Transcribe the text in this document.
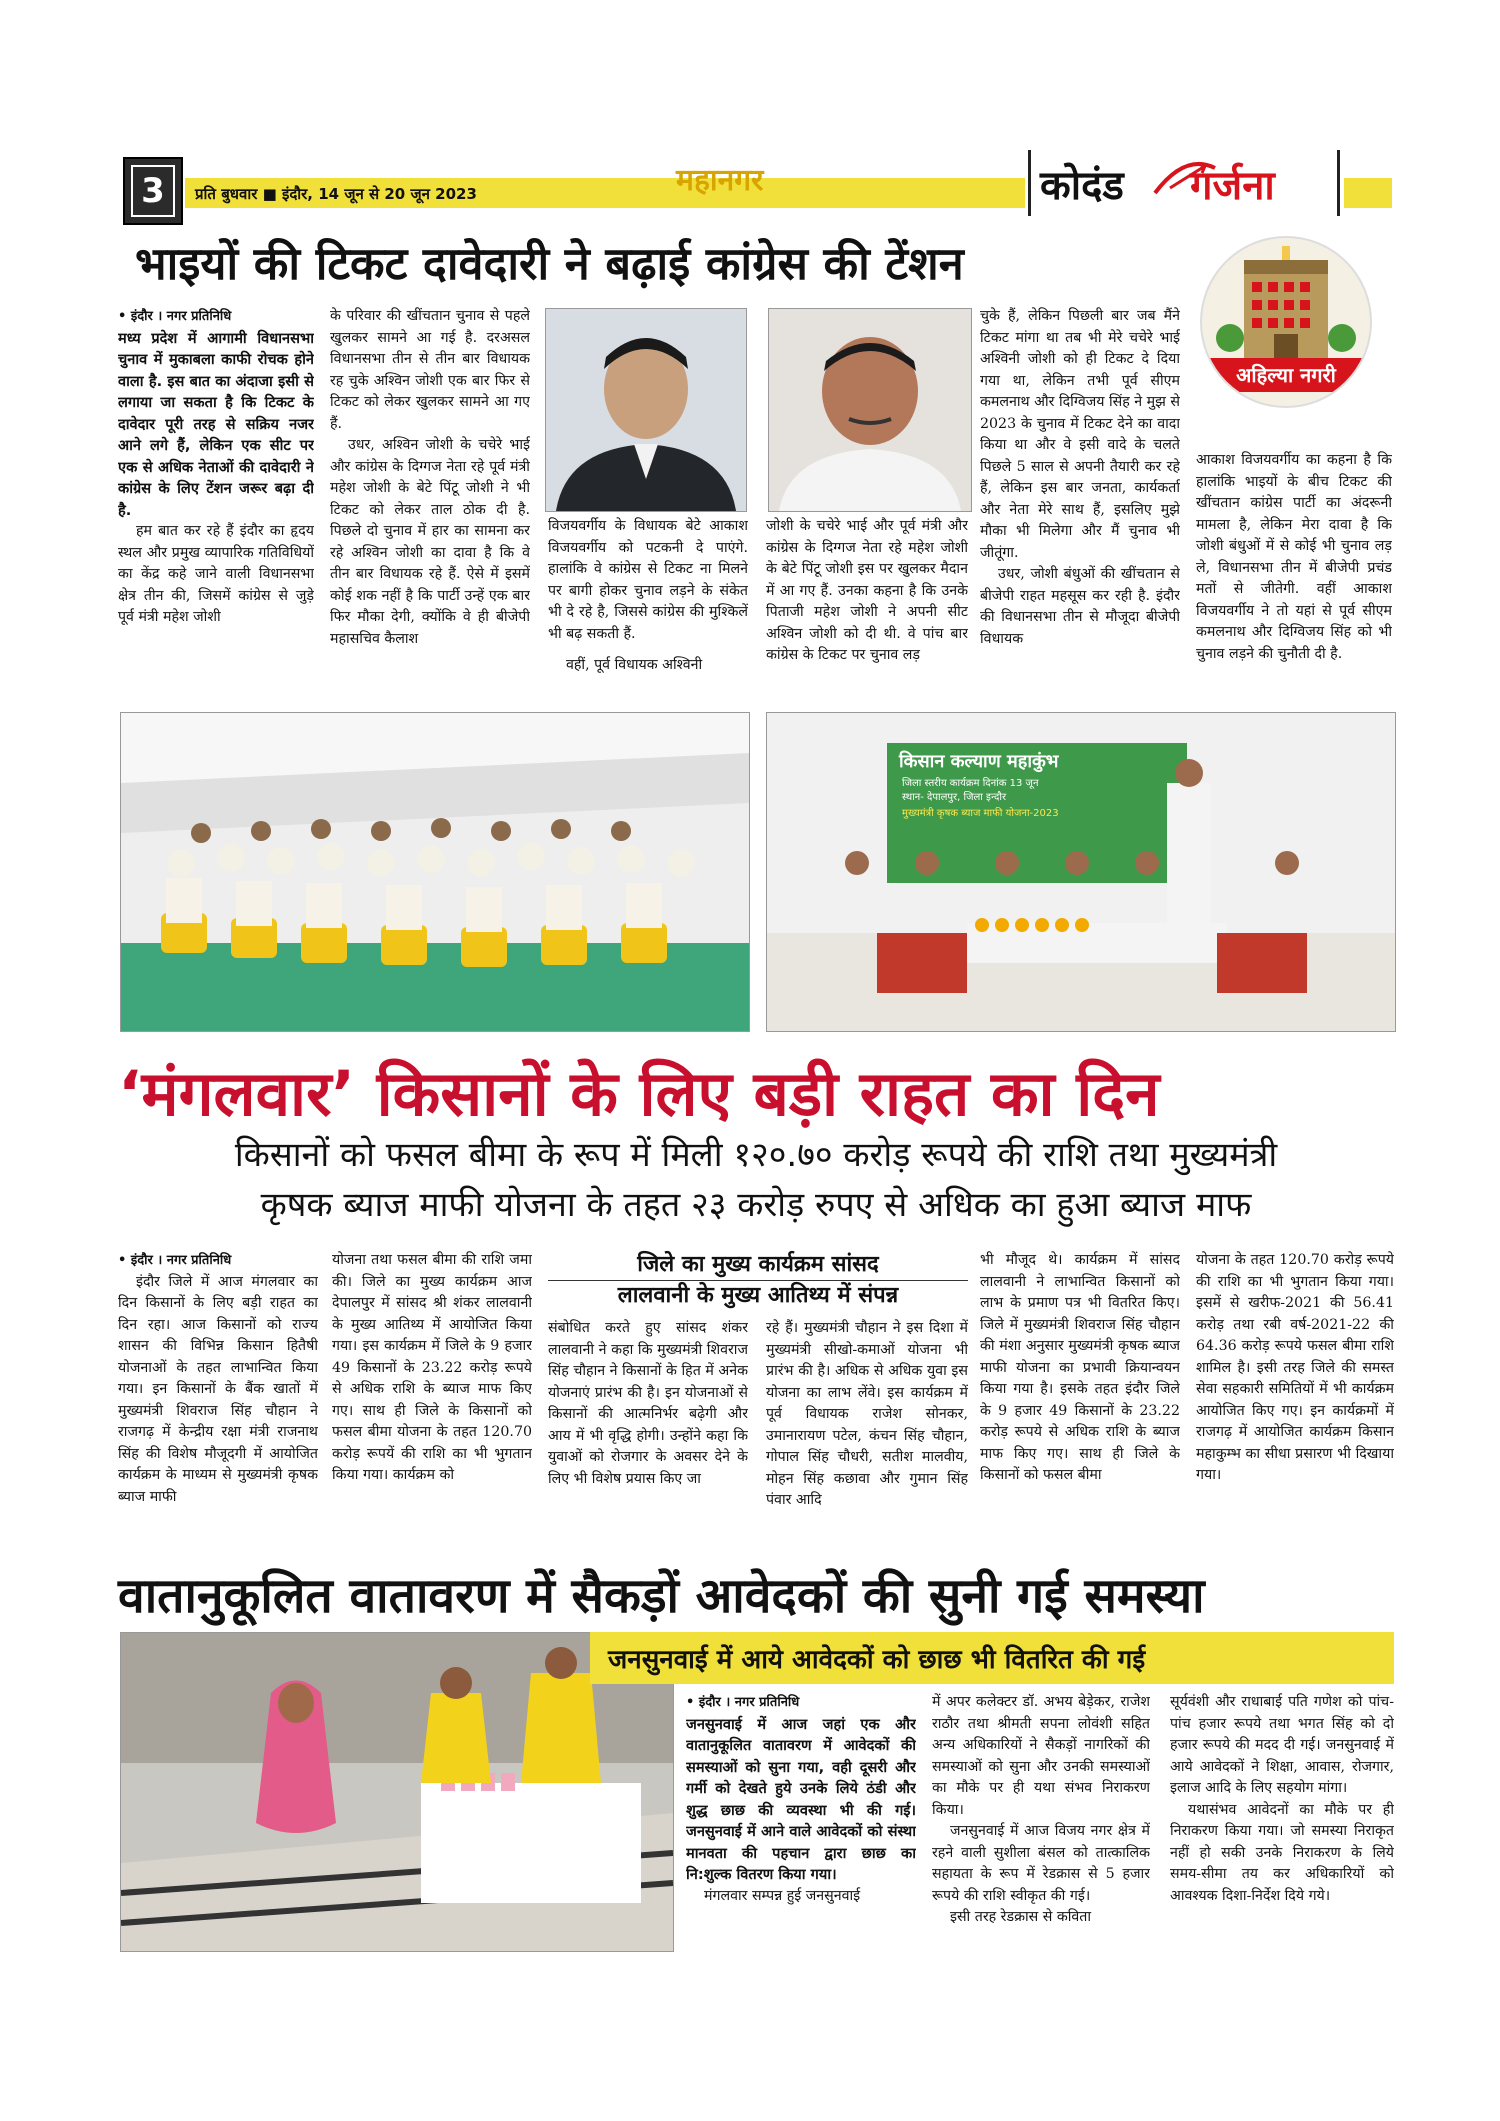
3	प्रति बुधवार ■ इंदौर, 14 जून से 20 जून 2023	महानगर	कोदंड गर्जना
अहिल्या नगरी
भाइयों की टिकट दावेदारी ने बढ़ाई कांग्रेस की टेंशन

• इंदौर । नगर प्रतिनिधि

मध्य प्रदेश में आगामी विधानसभा चुनाव में मुकाबला काफी रोचक होने वाला है. इस बात का अंदाजा इसी से लगाया जा सकता है कि टिकट के दावेदार पूरी तरह से सक्रिय नजर आने लगे हैं, लेकिन एक सीट पर एक से अधिक नेताओं की दावेदारी ने कांग्रेस के लिए टेंशन जरूर बढ़ा दी है.

हम बात कर रहे हैं इंदौर का हृदय स्थल और प्रमुख व्यापारिक गतिविधियों का केंद्र कहे जाने वाली विधानसभा क्षेत्र तीन की, जिसमें कांग्रेस से जुड़े पूर्व मंत्री महेश जोशी

के परिवार की खींचतान चुनाव से पहले खुलकर सामने आ गई है. दरअसल विधानसभा तीन से तीन बार विधायक रह चुके अश्विन जोशी एक बार फिर से टिकट को लेकर खुलकर सामने आ गए हैं.

उधर, अश्विन जोशी के चचेरे भाई और कांग्रेस के दिग्गज नेता रहे पूर्व मंत्री महेश जोशी के बेटे पिंटू जोशी ने भी टिकट को लेकर ताल ठोक दी है. पिछले दो चुनाव में हार का सामना कर रहे अश्विन जोशी का दावा है कि वे तीन बार विधायक रहे हैं. ऐसे में इसमें कोई शक नहीं है कि पार्टी उन्हें एक बार फिर मौका देगी, क्योंकि वे ही बीजेपी महासचिव कैलाश

विजयवर्गीय के विधायक बेटे आकाश विजयवर्गीय को पटकनी दे पाएंगे. हालांकि वे कांग्रेस से टिकट ना मिलने पर बागी होकर चुनाव लड़ने के संकेत भी दे रहे है, जिससे कांग्रेस की मुश्किलें भी बढ़ सकती हैं.

वहीं, पूर्व विधायक अश्विनी

जोशी के चचेरे भाई और पूर्व मंत्री और कांग्रेस के दिग्गज नेता रहे महेश जोशी के बेटे पिंटू जोशी इस पर खुलकर मैदान में आ गए हैं. उनका कहना है कि उनके पिताजी महेश जोशी ने अपनी सीट अश्विन जोशी को दी थी. वे पांच बार कांग्रेस के टिकट पर चुनाव लड़

चुके हैं, लेकिन पिछली बार जब मैंने टिकट मांगा था तब भी मेरे चचेरे भाई अश्विनी जोशी को ही टिकट दे दिया गया था, लेकिन तभी पूर्व सीएम कमलनाथ और दिग्विजय सिंह ने मुझ से 2023 के चुनाव में टिकट देने का वादा किया था और वे इसी वादे के चलते पिछले 5 साल से अपनी तैयारी कर रहे हैं, लेकिन इस बार जनता, कार्यकर्ता और नेता मेरे साथ हैं, इसलिए मुझे मौका भी मिलेगा और मैं चुनाव भी जीतूंगा.

उधर, जोशी बंधुओं की खींचतान से बीजेपी राहत महसूस कर रही है. इंदौर की विधानसभा तीन से मौजूदा बीजेपी विधायक

आकाश विजयवर्गीय का कहना है कि हालांकि भाइयों के बीच टिकट की खींचतान कांग्रेस पार्टी का अंदरूनी मामला है, लेकिन मेरा दावा है कि जोशी बंधुओं में से कोई भी चुनाव लड़ ले, विधानसभा तीन में बीजेपी प्रचंड मतों से जीतेगी. वहीं आकाश विजयवर्गीय ने तो यहां से पूर्व सीएम कमलनाथ और दिग्विजय सिंह को भी चुनाव लड़ने की चुनौती दी है.

किसान कल्याण महाकुंभ
जिला स्तरीय कार्यक्रम दिनांक 13 जून
स्थान- देपालपुर, जिला इन्दौर
मुख्यमंत्री कृषक ब्याज माफी योजना-2023
‘मंगलवार’ किसानों के लिए बड़ी राहत का दिन
किसानों को फसल बीमा के रूप में मिली १२०.७० करोड़ रूपये की राशि तथा मुख्यमंत्री
कृषक ब्याज माफी योजना के तहत २३ करोड़ रुपए से अधिक का हुआ ब्याज माफ

• इंदौर । नगर प्रतिनिधि

इंदौर जिले में आज मंगलवार का दिन किसानों के लिए बड़ी राहत का दिन रहा। आज किसानों को राज्य शासन की विभिन्न किसान हितैषी योजनाओं के तहत लाभान्वित किया गया। इन किसानों के बैंक खातों में मुख्यमंत्री शिवराज सिंह चौहान ने राजगढ़ में केन्द्रीय रक्षा मंत्री राजनाथ सिंह की विशेष मौजूदगी में आयोजित कार्यक्रम के माध्यम से मुख्यमंत्री कृषक ब्याज माफी

योजना तथा फसल बीमा की राशि जमा की। जिले का मुख्य कार्यक्रम आज देपालपुर में सांसद श्री शंकर लालवानी के मुख्य आतिथ्य में आयोजित किया गया। इस कार्यक्रम में जिले के 9 हजार 49 किसानों के 23.22 करोड़ रूपये से अधिक राशि के ब्याज माफ किए गए। साथ ही जिले के किसानों को फसल बीमा योजना के तहत 120.70 करोड़ रूपयें की राशि का भी भुगतान किया गया। कार्यक्रम को

जिले का मुख्य कार्यक्रम सांसद
लालवानी के मुख्य आतिथ्य में संपन्न

संबोधित करते हुए सांसद शंकर लालवानी ने कहा कि मुख्यमंत्री शिवराज सिंह चौहान ने किसानों के हित में अनेक योजनाएं प्रारंभ की है। इन योजनाओं से किसानों की आत्मनिर्भर बढ़ेगी और आय में भी वृद्धि होगी। उन्होंने कहा कि युवाओं को रोजगार के अवसर देने के लिए भी विशेष प्रयास किए जा

रहे हैं। मुख्यमंत्री चौहान ने इस दिशा में मुख्यमंत्री सीखो-कमाओं योजना भी प्रारंभ की है। अधिक से अधिक युवा इस योजना का लाभ लेंवे। इस कार्यक्रम में पूर्व विधायक राजेश सोनकर, उमानारायण पटेल, कंचन सिंह चौहान, गोपाल सिंह चौधरी, सतीश मालवीय, मोहन सिंह कछावा और गुमान सिंह पंवार आदि

भी मौजूद थे। कार्यक्रम में सांसद लालवानी ने लाभान्वित किसानों को लाभ के प्रमाण पत्र भी वितरित किए। जिले में मुख्यमंत्री शिवराज सिंह चौहान की मंशा अनुसार मुख्यमंत्री कृषक ब्याज माफी योजना का प्रभावी क्रियान्वयन किया गया है। इसके तहत इंदौर जिले के 9 हजार 49 किसानों के 23.22 करोड़ रूपये से अधिक राशि के ब्याज माफ किए गए। साथ ही जिले के किसानों को फसल बीमा

योजना के तहत 120.70 करोड़ रूपये की राशि का भी भुगतान किया गया। इसमें से खरीफ-2021 की 56.41 करोड़ तथा रबी वर्ष-2021-22 की 64.36 करोड़ रूपये फसल बीमा राशि शामिल है। इसी तरह जिले की समस्त सेवा सहकारी समितियों में भी कार्यक्रम आयोजित किए गए। इन कार्यक्रमों में राजगढ़ में आयोजित कार्यक्रम किसान महाकुम्भ का सीधा प्रसारण भी दिखाया गया।

वातानुकूलित वातावरण में सैकड़ों आवेदकों की सुनी गई समस्या
जनसुनवाई में आये आवेदकों को छाछ भी वितरित की गई

• इंदौर । नगर प्रतिनिधि

जनसुनवाई में आज जहां एक और वातानुकूलित वातावरण में आवेदकों की समस्याओं को सुना गया, वही दूसरी और गर्मी को देखते हुये उनके लिये ठंडी और शुद्ध छाछ की व्यवस्था भी की गई। जनसुनवाई में आने वाले आवेदकों को संस्था मानवता की पहचान द्वारा छाछ का नि:शुल्क वितरण किया गया।

मंगलवार सम्पन्न हुई जनसुनवाई

में अपर कलेक्टर डॉ. अभय बेड़ेकर, राजेश राठौर तथा श्रीमती सपना लोवंशी सहित अन्य अधिकारियों ने सैकड़ों नागरिकों की समस्याओं को सुना और उनकी समस्याओं का मौके पर ही यथा संभव निराकरण किया।

जनसुनवाई में आज विजय नगर क्षेत्र में रहने वाली सुशीला बंसल को तात्कालिक सहायता के रूप में रेडक्रास से 5 हजार रूपये की राशि स्वीकृत की गई।

इसी तरह रेडक्रास से कविता

सूर्यवंशी और राधाबाई पति गणेश को पांच-पांच हजार रूपये तथा भगत सिंह को दो हजार रूपये की मदद दी गई। जनसुनवाई में आये आवेदकों ने शिक्षा, आवास, रोजगार, इलाज आदि के लिए सहयोग मांगा।

यथासंभव आवेदनों का मौके पर ही निराकरण किया गया। जो समस्या निराकृत नहीं हो सकी उनके निराकरण के लिये समय-सीमा तय कर अधिकारियों को आवश्यक दिशा-निर्देश दिये गये।
